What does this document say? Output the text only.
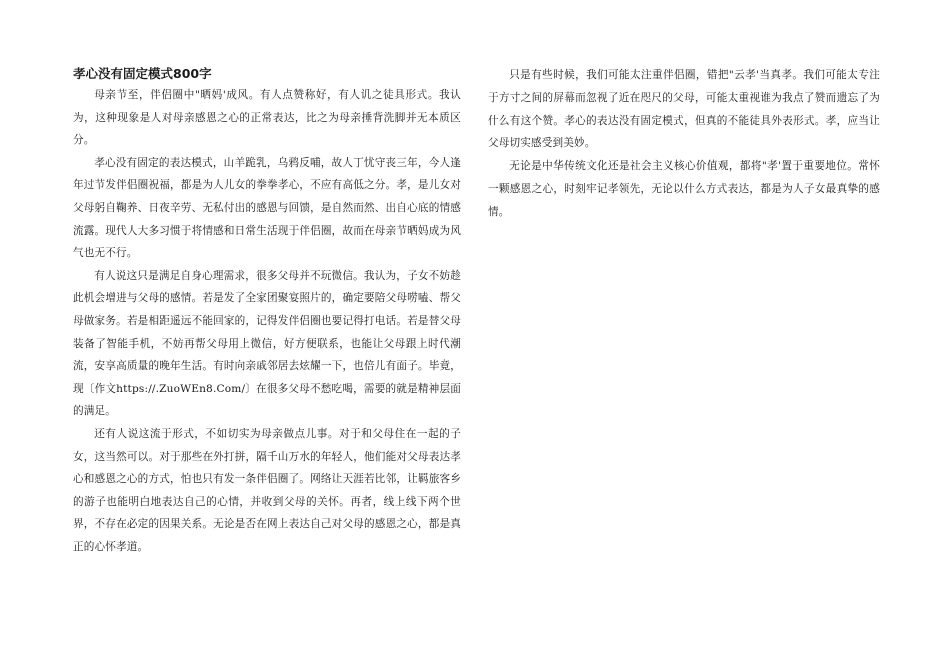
孝心没有固定模式800字

母亲节至，伴侣圈中"晒妈'成风。有人点赞称好，有人讥之徒具形式。我认为，这种现象是人对母亲感恩之心的正常表达，比之为母亲捶背洗脚并无本质区分。

孝心没有固定的表达模式，山羊跪乳，乌鸦反哺，故人丁忧守丧三年，今人逢年过节发伴侣圈祝福，都是为人儿女的拳拳孝心，不应有高低之分。孝，是儿女对父母躬自鞠养、日夜辛劳、无私付出的感恩与回馈，是自然而然、出自心底的情感流露。现代人大多习惯于将情感和日常生活现于伴侣圈，故而在母亲节晒妈成为风气也无不行。

有人说这只是满足自身心理需求，很多父母并不玩微信。我认为，子女不妨趁此机会增进与父母的感情。若是发了全家团聚宴照片的，确定要陪父母唠嗑、帮父母做家务。若是相距遥远不能回家的，记得发伴侣圈也要记得打电话。若是替父母装备了智能手机，不妨再帮父母用上微信，好方便联系，也能让父母跟上时代潮流，安享高质量的晚年生活。有时向亲戚邻居去炫耀一下，也倍儿有面子。毕竟，现〔作文https://.ZuoWEn8.Com/〕在很多父母不愁吃喝，需要的就是精神层面的满足。

还有人说这流于形式，不如切实为母亲做点儿事。对于和父母住在一起的子女，这当然可以。对于那些在外打拼，隔千山万水的年轻人，他们能对父母表达孝心和感恩之心的方式，怕也只有发一条伴侣圈了。网络让天涯若比邻，让羁旅客乡的游子也能明白地表达自己的心情，并收到父母的关怀。再者，线上线下两个世界，不存在必定的因果关系。无论是否在网上表达自己对父母的感恩之心，都是真正的心怀孝道。

只是有些时候，我们可能太注重伴侣圈，错把"云孝'当真孝。我们可能太专注于方寸之间的屏幕而忽视了近在咫尺的父母，可能太重视谁为我点了赞而遗忘了为什么有这个赞。孝心的表达没有固定模式，但真的不能徒具外表形式。孝，应当让父母切实感受到美妙。

无论是中华传统文化还是社会主义核心价值观，都将"孝'置于重要地位。常怀一颗感恩之心，时刻牢记孝领先，无论以什么方式表达，都是为人子女最真挚的感情。
